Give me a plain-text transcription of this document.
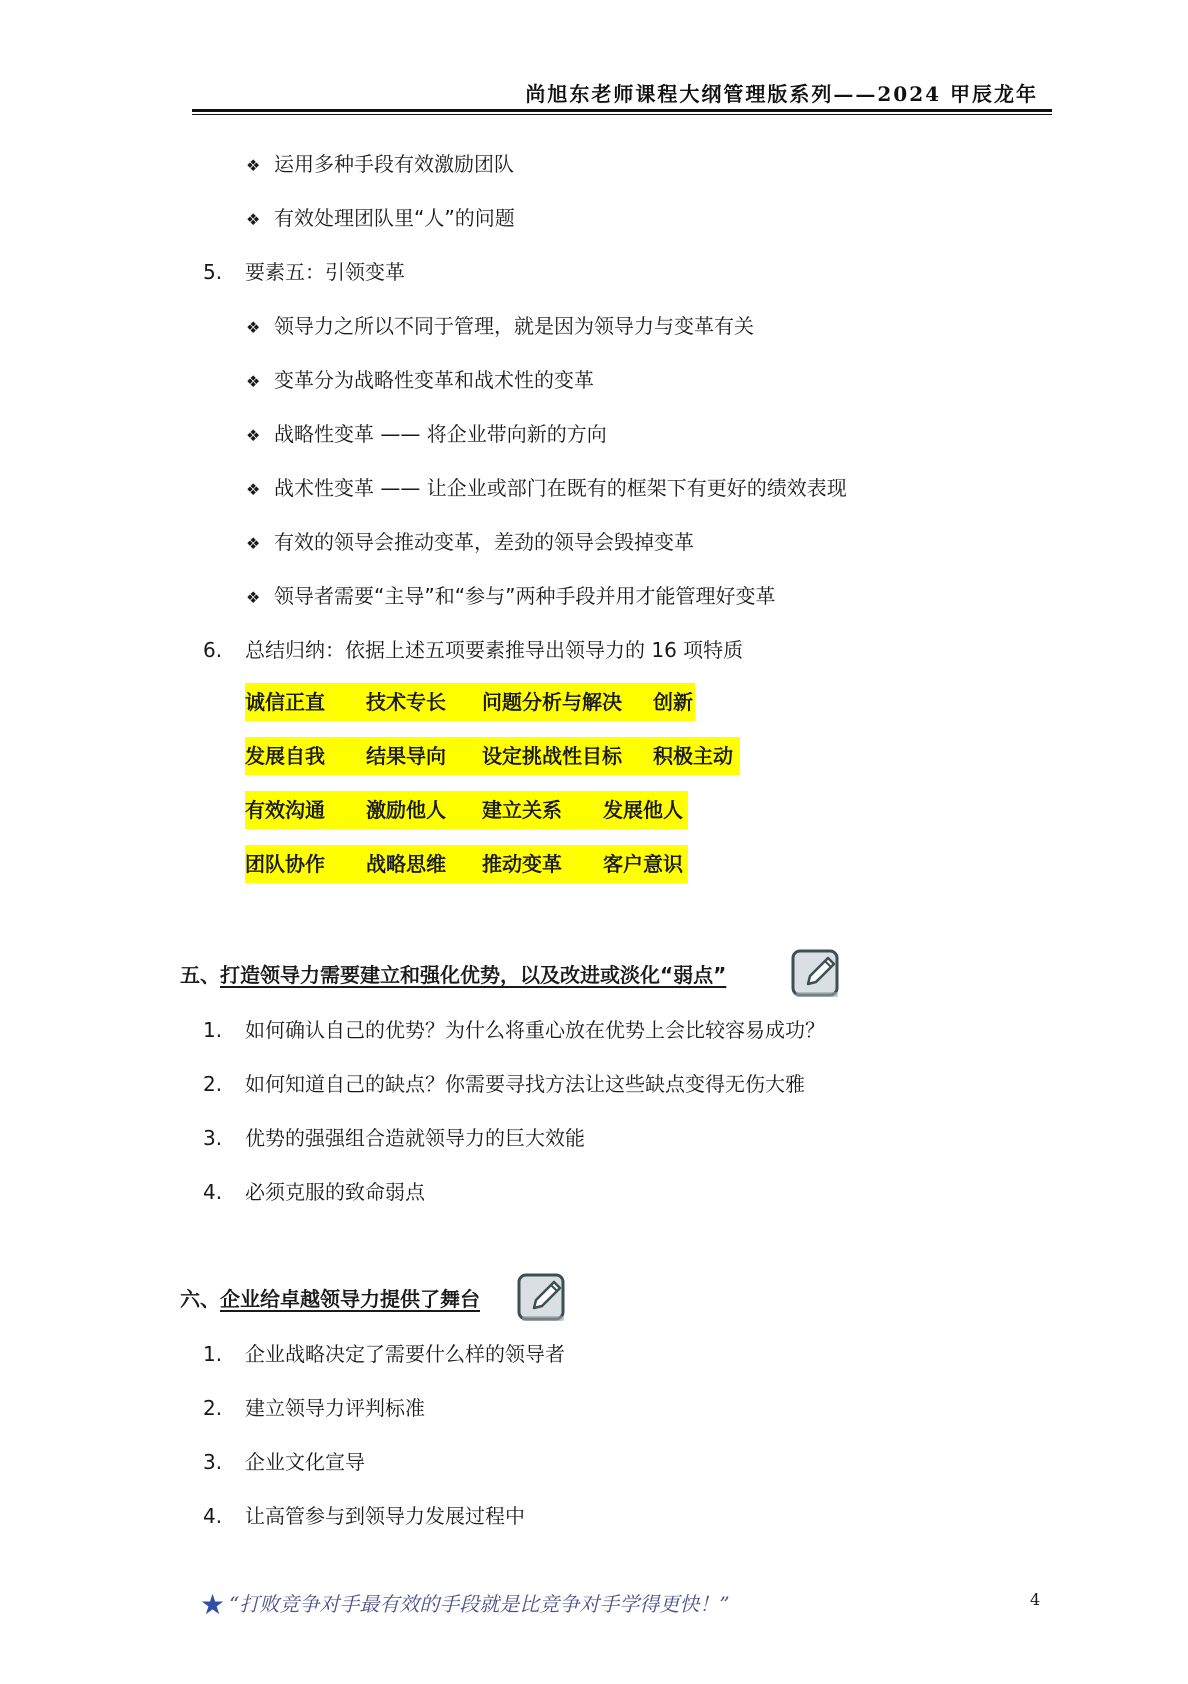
尚旭东老师课程大纲管理版系列——2024 甲辰龙年
❖ 运用多种手段有效激励团队
❖ 有效处理团队里“人”的问题
5.	要素五：引领变革
❖ 领导力之所以不同于管理，就是因为领导力与变革有关
❖ 变革分为战略性变革和战术性的变革
❖ 战略性变革 —— 将企业带向新的方向
❖ 战术性变革 —— 让企业或部门在既有的框架下有更好的绩效表现
❖ 有效的领导会推动变革，差劲的领导会毁掉变革
❖ 领导者需要“主导”和“参与”两种手段并用才能管理好变革
6.	总结归纳：依据上述五项要素推导出领导力的 16 项特质
诚信正直 技术专长 问题分析与解决 创新
发展自我 结果导向 设定挑战性目标 积极主动
有效沟通 激励他人 建立关系 发展他人
团队协作 战略思维 推动变革 客户意识
五、打造领导力需要建立和强化优势，以及改进或淡化“弱点”
1.	如何确认自己的优势？为什么将重心放在优势上会比较容易成功？
2.	如何知道自己的缺点？你需要寻找方法让这些缺点变得无伤大雅
3.	优势的强强组合造就领导力的巨大效能
4.	必须克服的致命弱点
六、企业给卓越领导力提供了舞台
1.	企业战略决定了需要什么样的领导者
2.	建立领导力评判标准
3.	企业文化宣导
4.	让高管参与到领导力发展过程中
★ “打败竞争对手最有效的手段就是比竞争对手学得更快！”	4
